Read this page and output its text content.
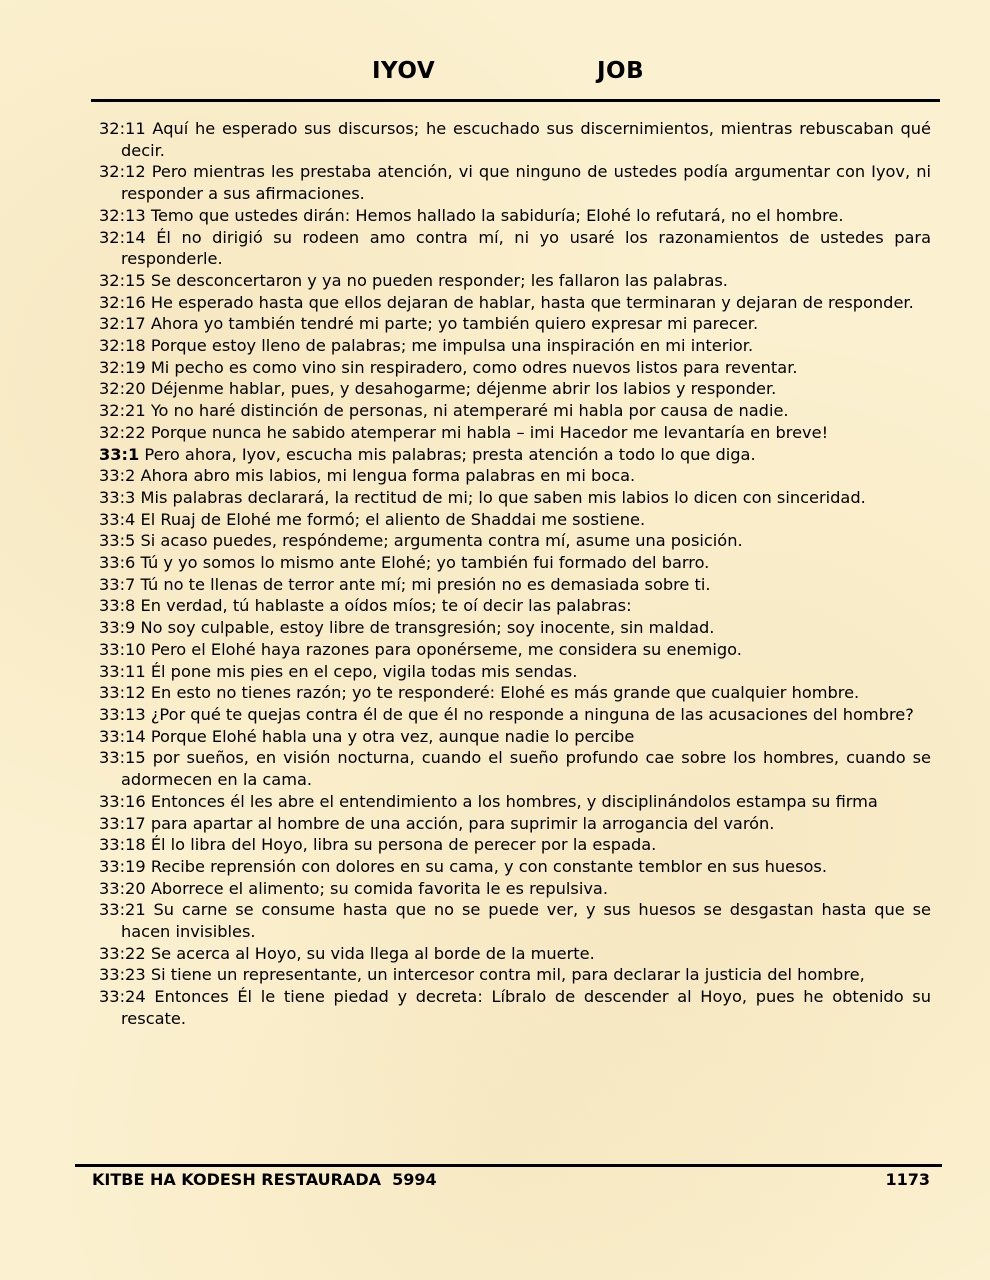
IYOV	JOB

32:11 Aquí he esperado sus discursos; he escuchado sus discernimientos, mientras rebuscaban qué decir.

32:12 Pero mientras les prestaba atención, vi que ninguno de ustedes podía argumentar con Iyov, ni responder a sus afirmaciones.

32:13 Temo que ustedes dirán: Hemos hallado la sabiduría; Elohé lo refutará, no el hombre.

32:14 Él no dirigió su rodeen amo contra mí, ni yo usaré los razonamientos de ustedes para responderle.

32:15 Se desconcertaron y ya no pueden responder; les fallaron las palabras.

32:16 He esperado hasta que ellos dejaran de hablar, hasta que terminaran y dejaran de responder.

32:17 Ahora yo también tendré mi parte; yo también quiero expresar mi parecer.

32:18 Porque estoy lleno de palabras; me impulsa una inspiración en mi interior.

32:19 Mi pecho es como vino sin respiradero, como odres nuevos listos para reventar.

32:20 Déjenme hablar, pues, y desahogarme; déjenme abrir los labios y responder.

32:21 Yo no haré distinción de personas, ni atemperaré mi habla por causa de nadie.

32:22 Porque nunca he sabido atemperar mi habla – imi Hacedor me levantaría en breve!

33:1 Pero ahora, Iyov, escucha mis palabras; presta atención a todo lo que diga.

33:2 Ahora abro mis labios, mi lengua forma palabras en mi boca.

33:3 Mis palabras declarará, la rectitud de mi; lo que saben mis labios lo dicen con sinceridad.

33:4 El Ruaj de Elohé me formó; el aliento de Shaddai me sostiene.

33:5 Si acaso puedes, respóndeme; argumenta contra mí, asume una posición.

33:6 Tú y yo somos lo mismo ante Elohé; yo también fui formado del barro.

33:7 Tú no te llenas de terror ante mí; mi presión no es demasiada sobre ti.

33:8 En verdad, tú hablaste a oídos míos; te oí decir las palabras:

33:9 No soy culpable, estoy libre de transgresión; soy inocente, sin maldad.

33:10 Pero el Elohé haya razones para oponérseme, me considera su enemigo.

33:11 Él pone mis pies en el cepo, vigila todas mis sendas.

33:12 En esto no tienes razón; yo te responderé: Elohé es más grande que cualquier hombre.

33:13 ¿Por qué te quejas contra él de que él no responde a ninguna de las acusaciones del hombre?

33:14 Porque Elohé habla una y otra vez, aunque nadie lo percibe

33:15 por sueños, en visión nocturna, cuando el sueño profundo cae sobre los hombres, cuando se adormecen en la cama.

33:16 Entonces él les abre el entendimiento a los hombres, y disciplinándolos estampa su firma

33:17 para apartar al hombre de una acción, para suprimir la arrogancia del varón.

33:18 Él lo libra del Hoyo, libra su persona de perecer por la espada.

33:19 Recibe reprensión con dolores en su cama, y con constante temblor en sus huesos.

33:20 Aborrece el alimento; su comida favorita le es repulsiva.

33:21 Su carne se consume hasta que no se puede ver, y sus huesos se desgastan hasta que se hacen invisibles.

33:22 Se acerca al Hoyo, su vida llega al borde de la muerte.

33:23 Si tiene un representante, un intercesor contra mil, para declarar la justicia del hombre,

33:24 Entonces Él le tiene piedad y decreta: Líbralo de descender al Hoyo, pues he obtenido su rescate.

KITBE HA KODESH RESTAURADA  5994	1173
